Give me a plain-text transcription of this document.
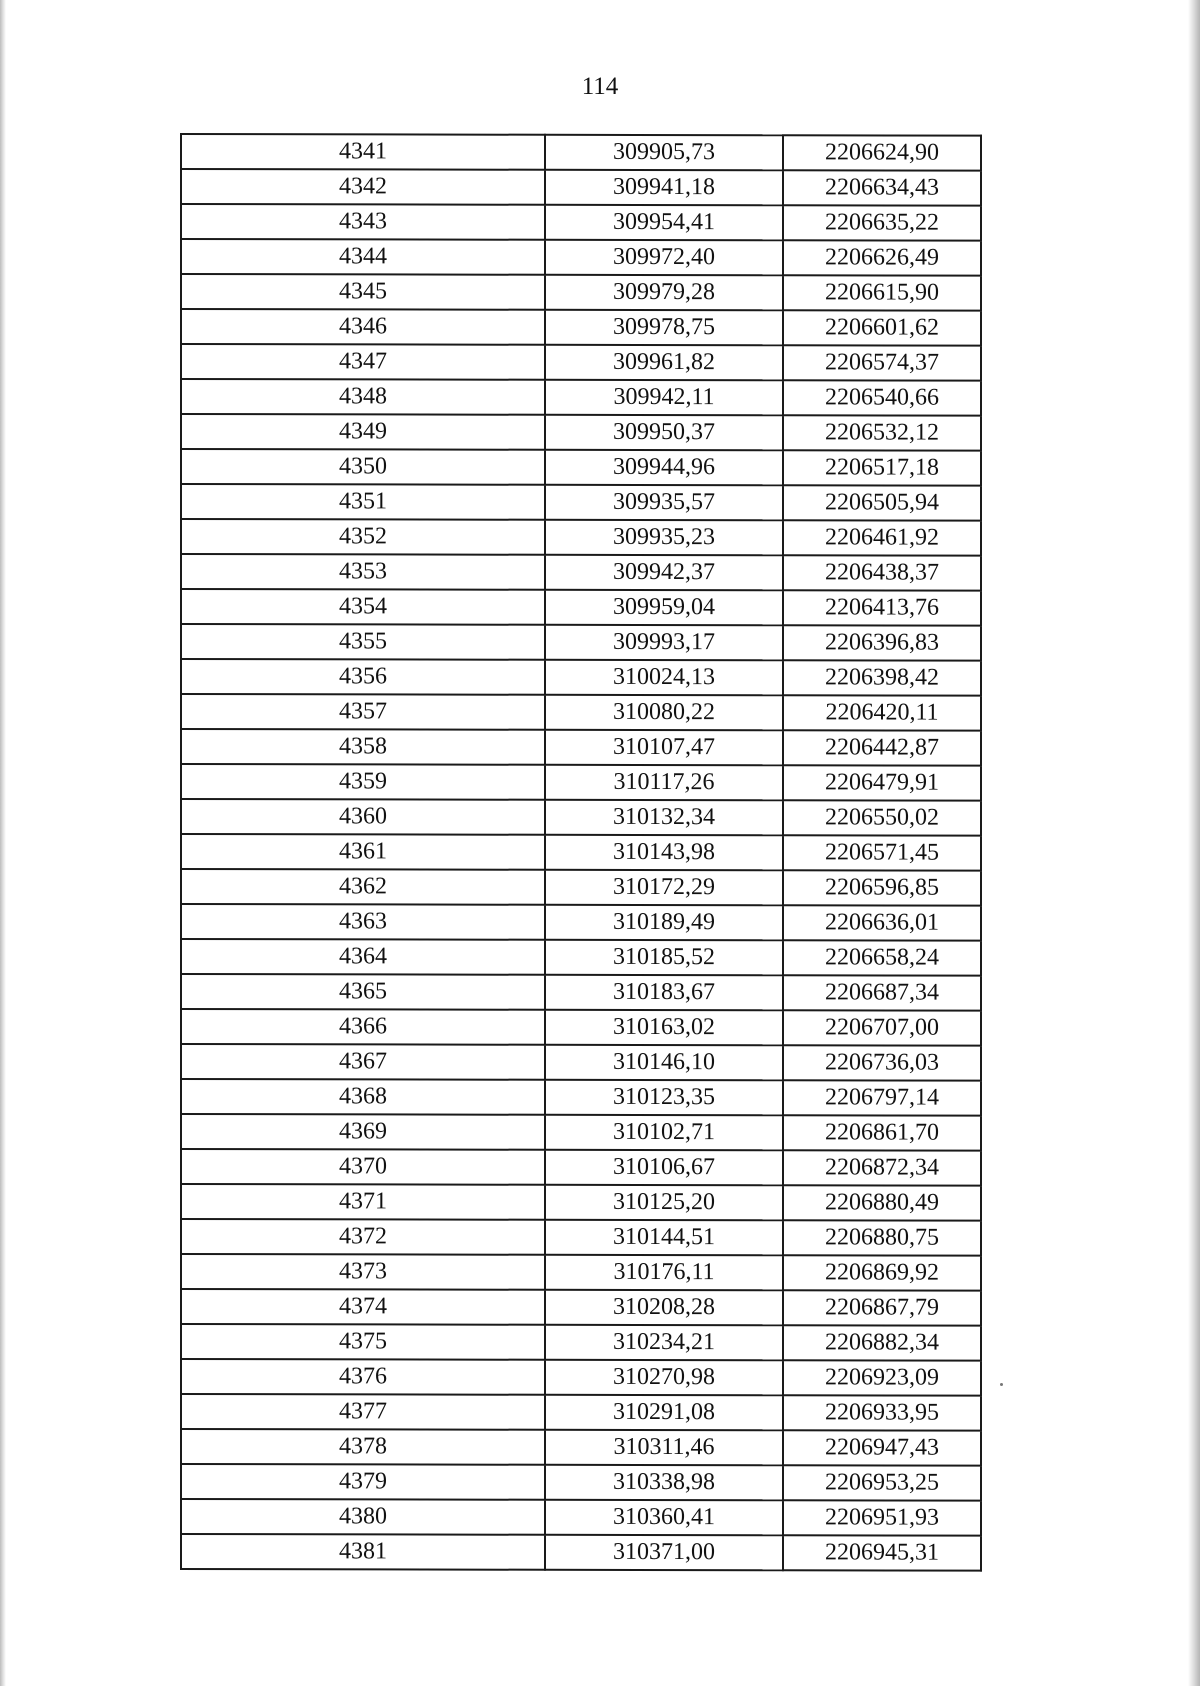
114
4341	309905,73	2206624,90
4342	309941,18	2206634,43
4343	309954,41	2206635,22
4344	309972,40	2206626,49
4345	309979,28	2206615,90
4346	309978,75	2206601,62
4347	309961,82	2206574,37
4348	309942,11	2206540,66
4349	309950,37	2206532,12
4350	309944,96	2206517,18
4351	309935,57	2206505,94
4352	309935,23	2206461,92
4353	309942,37	2206438,37
4354	309959,04	2206413,76
4355	309993,17	2206396,83
4356	310024,13	2206398,42
4357	310080,22	2206420,11
4358	310107,47	2206442,87
4359	310117,26	2206479,91
4360	310132,34	2206550,02
4361	310143,98	2206571,45
4362	310172,29	2206596,85
4363	310189,49	2206636,01
4364	310185,52	2206658,24
4365	310183,67	2206687,34
4366	310163,02	2206707,00
4367	310146,10	2206736,03
4368	310123,35	2206797,14
4369	310102,71	2206861,70
4370	310106,67	2206872,34
4371	310125,20	2206880,49
4372	310144,51	2206880,75
4373	310176,11	2206869,92
4374	310208,28	2206867,79
4375	310234,21	2206882,34
4376	310270,98	2206923,09
4377	310291,08	2206933,95
4378	310311,46	2206947,43
4379	310338,98	2206953,25
4380	310360,41	2206951,93
4381	310371,00	2206945,31
